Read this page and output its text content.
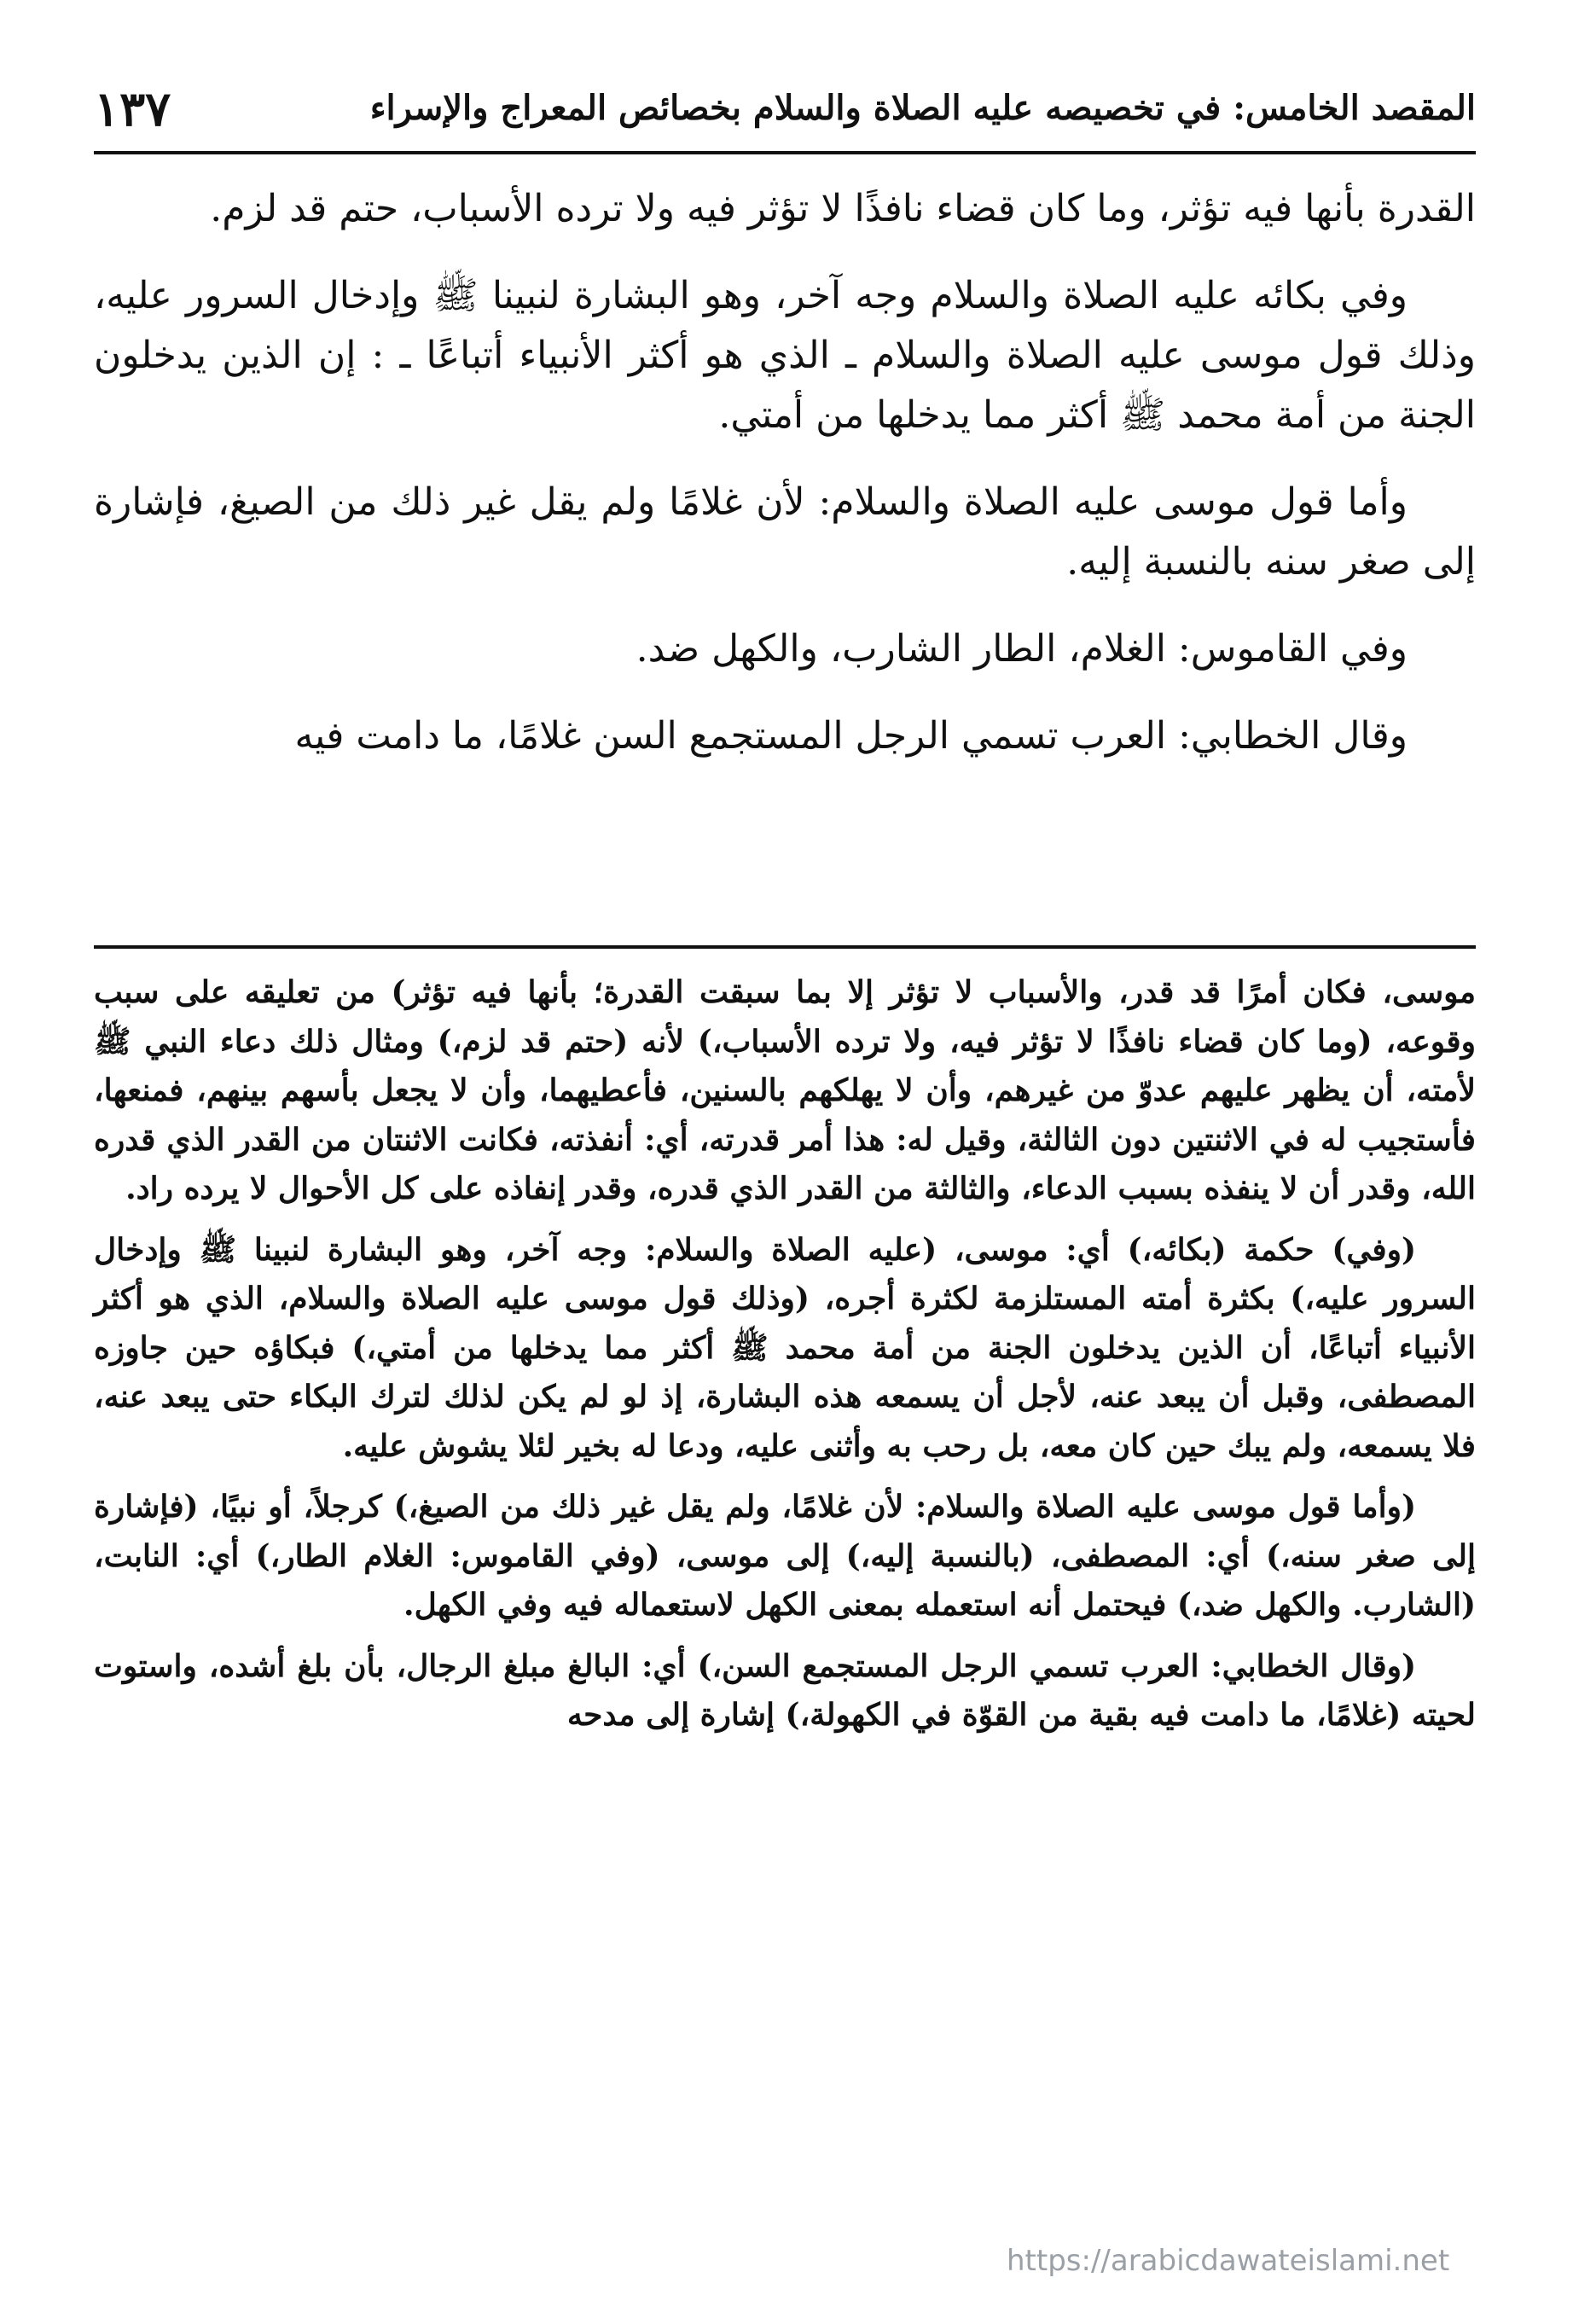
المقصد الخامس: في تخصيصه عليه الصلاة والسلام بخصائص المعراج والإسراء
١٣٧

القدرة بأنها فيه تؤثر، وما كان قضاء نافذًا لا تؤثر فيه ولا ترده الأسباب، حتم قد لزم.

وفي بكائه عليه الصلاة والسلام وجه آخر، وهو البشارة لنبينا ﷺ وإدخال السرور عليه، وذلك قول موسى عليه الصلاة والسلام ـ الذي هو أكثر الأنبياء أتباعًا ـ : إن الذين يدخلون الجنة من أمة محمد ﷺ أكثر مما يدخلها من أمتي.

وأما قول موسى عليه الصلاة والسلام: لأن غلامًا ولم يقل غير ذلك من الصيغ، فإشارة إلى صغر سنه بالنسبة إليه.

وفي القاموس: الغلام، الطار الشارب، والكهل ضد.

وقال الخطابي: العرب تسمي الرجل المستجمع السن غلامًا، ما دامت فيه

موسى، فكان أمرًا قد قدر، والأسباب لا تؤثر إلا بما سبقت القدرة؛ بأنها فيه تؤثر) من تعليقه على سبب وقوعه، (وما كان قضاء نافذًا لا تؤثر فيه، ولا ترده الأسباب،) لأنه (حتم قد لزم،) ومثال ذلك دعاء النبي ﷺ لأمته، أن يظهر عليهم عدوّ من غيرهم، وأن لا يهلكهم بالسنين، فأعطيهما، وأن لا يجعل بأسهم بينهم، فمنعها، فأستجيب له في الاثنتين دون الثالثة، وقيل له: هذا أمر قدرته، أي: أنفذته، فكانت الاثنتان من القدر الذي قدره الله، وقدر أن لا ينفذه بسبب الدعاء، والثالثة من القدر الذي قدره، وقدر إنفاذه على كل الأحوال لا يرده راد.

(وفي) حكمة (بكائه،) أي: موسى، (عليه الصلاة والسلام: وجه آخر، وهو البشارة لنبينا ﷺ وإدخال السرور عليه،) بكثرة أمته المستلزمة لكثرة أجره، (وذلك قول موسى عليه الصلاة والسلام، الذي هو أكثر الأنبياء أتباعًا، أن الذين يدخلون الجنة من أمة محمد ﷺ أكثر مما يدخلها من أمتي،) فبكاؤه حين جاوزه المصطفى، وقبل أن يبعد عنه، لأجل أن يسمعه هذه البشارة، إذ لو لم يكن لذلك لترك البكاء حتى يبعد عنه، فلا يسمعه، ولم يبك حين كان معه، بل رحب به وأثنى عليه، ودعا له بخير لئلا يشوش عليه.

(وأما قول موسى عليه الصلاة والسلام: لأن غلامًا، ولم يقل غير ذلك من الصيغ،) كرجلاً، أو نبيًا، (فإشارة إلى صغر سنه،) أي: المصطفى، (بالنسبة إليه،) إلى موسى، (وفي القاموس: الغلام الطار،) أي: النابت، (الشارب. والكهل ضد،) فيحتمل أنه استعمله بمعنى الكهل لاستعماله فيه وفي الكهل.

(وقال الخطابي: العرب تسمي الرجل المستجمع السن،) أي: البالغ مبلغ الرجال، بأن بلغ أشده، واستوت لحيته (غلامًا، ما دامت فيه بقية من القوّة في الكهولة،) إشارة إلى مدحه

https://arabicdawateislami.net
